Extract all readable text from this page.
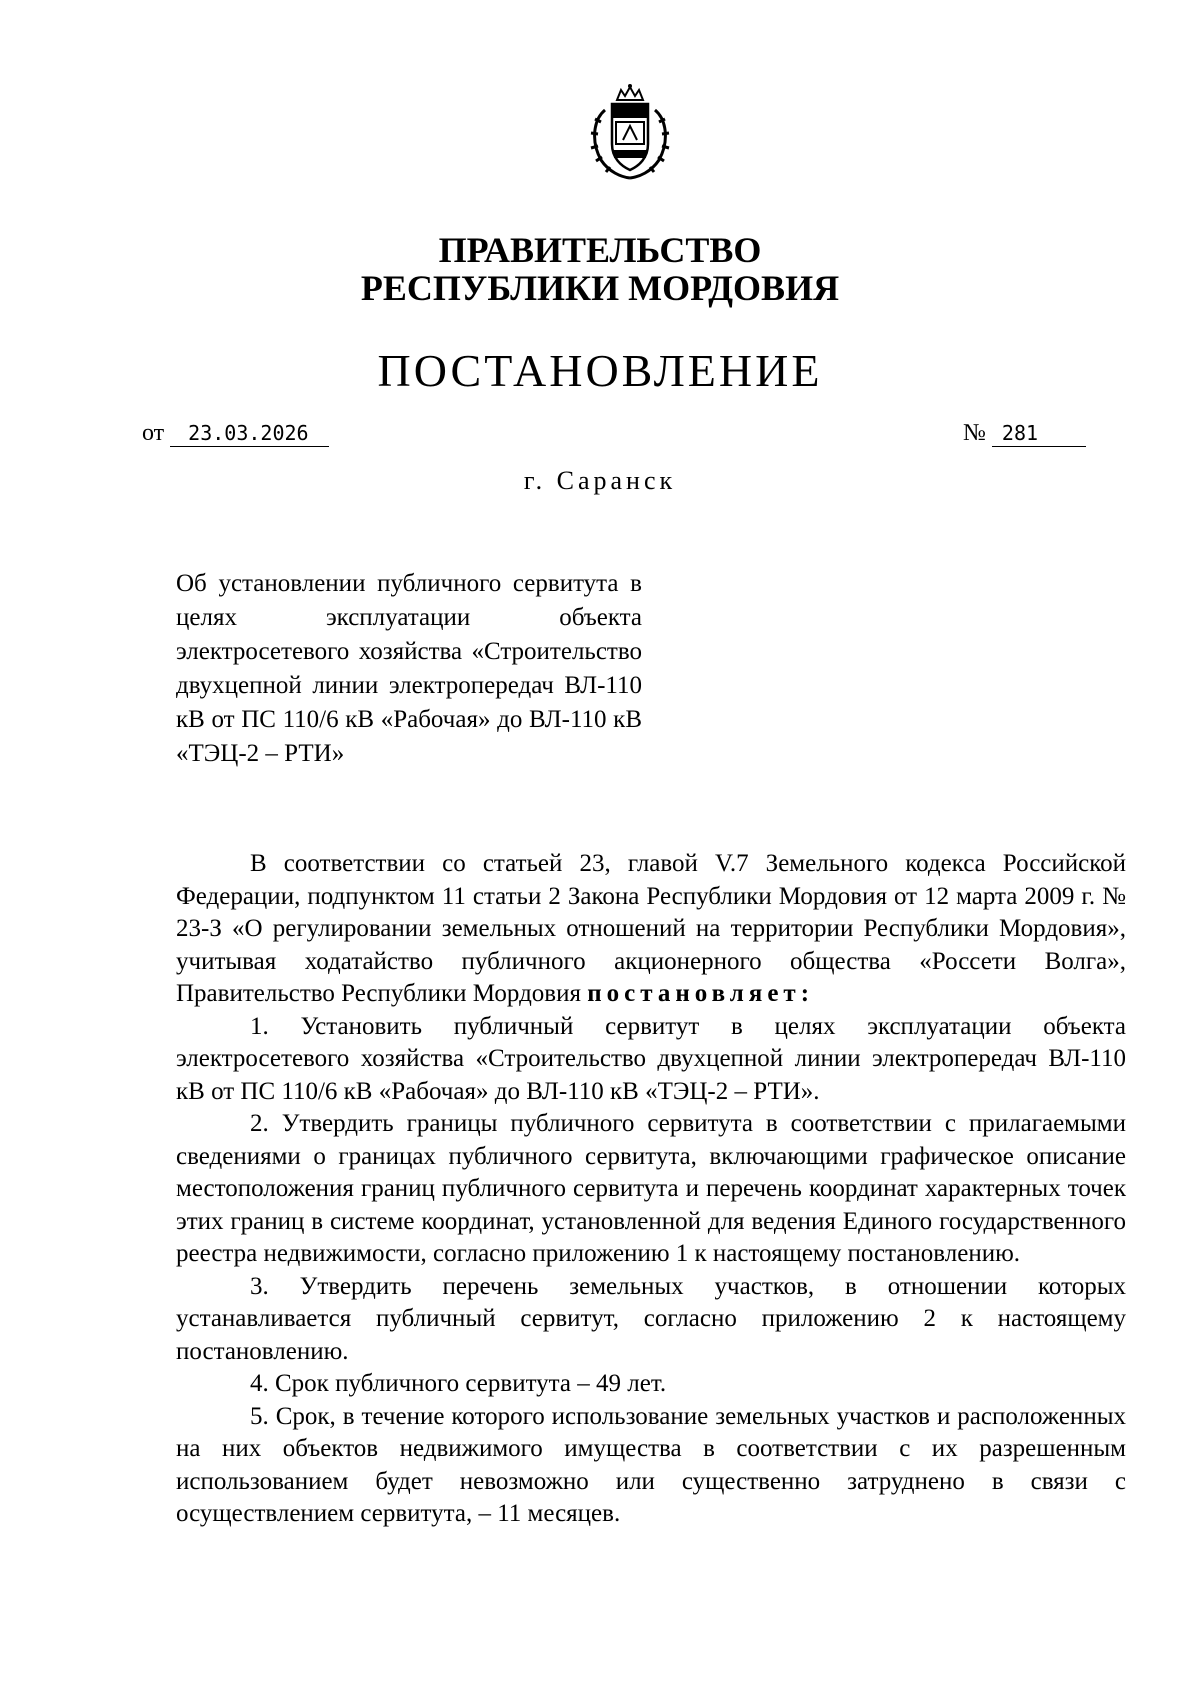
ПРАВИТЕЛЬСТВО
РЕСПУБЛИКИ МОРДОВИЯ
ПОСТАНОВЛЕНИЕ
от 23.03.2026	№ 281
г. Саранск
Об установлении публичного сервитута в целях эксплуатации объекта электросетевого хозяйства «Строительство двухцепной линии электропередач ВЛ-110 кВ от ПС 110/6 кВ «Рабочая» до ВЛ-110 кВ «ТЭЦ-2 – РТИ»

В соответствии со статьей 23, главой V.7 Земельного кодекса Российской Федерации, подпунктом 11 статьи 2 Закона Республики Мордовия от 12 марта 2009 г. № 23-З «О регулировании земельных отношений на территории Республики Мордовия», учитывая ходатайство публичного акционерного общества «Россети Волга», Правительство Республики Мордовия постановляет:

1. Установить публичный сервитут в целях эксплуатации объекта электросетевого хозяйства «Строительство двухцепной линии электропередач ВЛ-110 кВ от ПС 110/6 кВ «Рабочая» до ВЛ-110 кВ «ТЭЦ-2 – РТИ».

2. Утвердить границы публичного сервитута в соответствии с прилагаемыми сведениями о границах публичного сервитута, включающими графическое описание местоположения границ публичного сервитута и перечень координат характерных точек этих границ в системе координат, установленной для ведения Единого государственного реестра недвижимости, согласно приложению 1 к настоящему постановлению.

3. Утвердить перечень земельных участков, в отношении которых устанавливается публичный сервитут, согласно приложению 2 к настоящему постановлению.

4. Срок публичного сервитута – 49 лет.

5. Срок, в течение которого использование земельных участков и расположенных на них объектов недвижимого имущества в соответствии с их разрешенным использованием будет невозможно или существенно затруднено в связи с осуществлением сервитута, – 11 месяцев.
